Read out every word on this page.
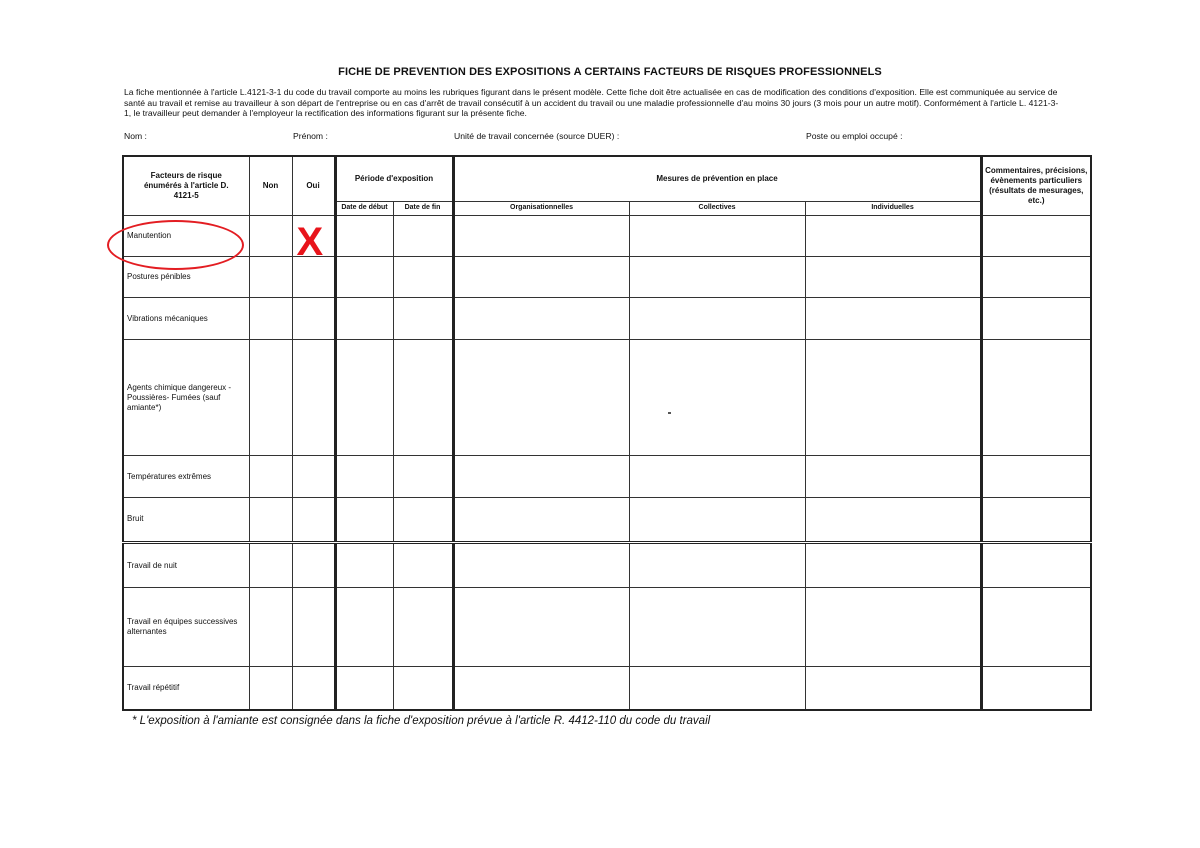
FICHE DE PREVENTION DES EXPOSITIONS A CERTAINS FACTEURS DE RISQUES PROFESSIONNELS
La fiche mentionnée à l'article L.4121-3-1 du code du travail comporte au moins les rubriques figurant dans le présent modèle. Cette fiche doit être actualisée en cas de modification des conditions d'exposition. Elle est communiquée au service de
santé au travail et remise au travailleur à son départ de l'entreprise ou en cas d'arrêt de travail consécutif à un accident du travail ou une maladie professionnelle d'au moins 30 jours (3 mois pour un autre motif). Conformément à l'article L. 4121-3-
1, le travailleur peut demander à l'employeur la rectification des informations figurant sur la présente fiche.
Nom :	Prénom :	Unité de travail concernée (source DUER) :	Poste ou emploi occupé :
Facteurs de risque énumérés à l'article D. 4121-5	Non	Oui	Période d'exposition		Mesures de prévention en place			Commentaires, précisions, évènements particuliers (résultats de mesurages, etc.)

			Date de début	Date de fin	Organisationnelles	Collectives	Individuelles	
Manutention		X						

Postures pénibles								
Vibrations mécaniques								
Agents chimique dangereux - Poussières- Fumées (sauf amiante*)								
Températures extrêmes								
Bruit								
Travail de nuit								
Travail en équipes successives alternantes								
Travail répétitif								
* L'exposition à l'amiante est consignée dans la fiche d'exposition prévue à l'article R. 4412-110 du code du travail
